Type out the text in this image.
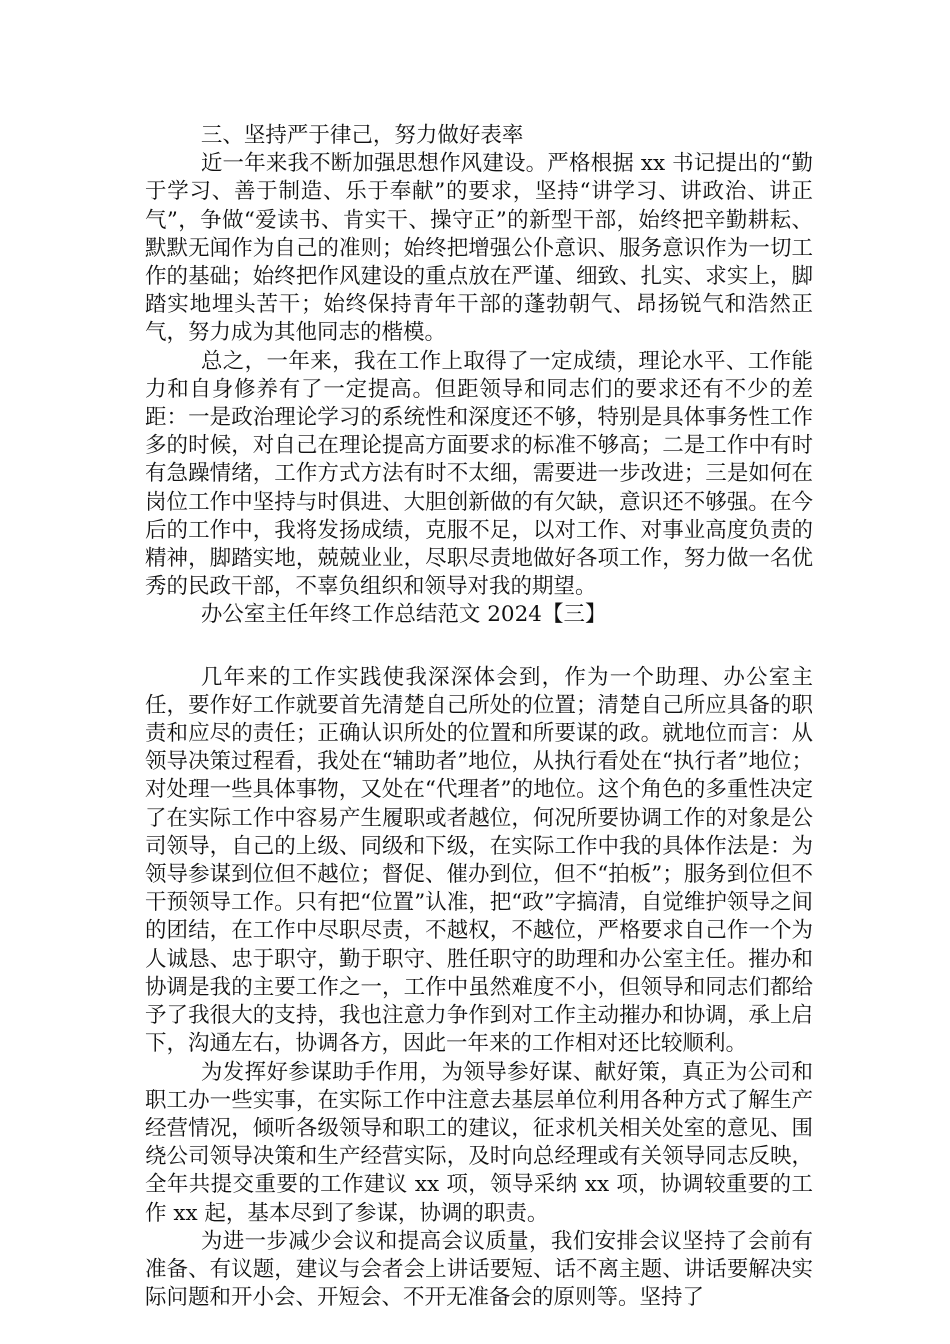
三、坚持严于律己，努力做好表率

近一年来我不断加强思想作风建设。严格根据 xx 书记提出的“勤于学习、善于制造、乐于奉献”的要求，坚持“讲学习、讲政治、讲正气”，争做“爱读书、肯实干、操守正”的新型干部，始终把辛勤耕耘、默默无闻作为自己的准则；始终把增强公仆意识、服务意识作为一切工作的基础；始终把作风建设的重点放在严谨、细致、扎实、求实上，脚踏实地埋头苦干；始终保持青年干部的蓬勃朝气、昂扬锐气和浩然正气，努力成为其他同志的楷模。

总之，一年来，我在工作上取得了一定成绩，理论水平、工作能力和自身修养有了一定提高。但距领导和同志们的要求还有不少的差距：一是政治理论学习的系统性和深度还不够，特别是具体事务性工作多的时候，对自己在理论提高方面要求的标准不够高；二是工作中有时有急躁情绪，工作方式方法有时不太细，需要进一步改进；三是如何在岗位工作中坚持与时俱进、大胆创新做的有欠缺，意识还不够强。在今后的工作中，我将发扬成绩，克服不足，以对工作、对事业高度负责的精神，脚踏实地，兢兢业业，尽职尽责地做好各项工作，努力做一名优秀的民政干部，不辜负组织和领导对我的期望。

办公室主任年终工作总结范文 2024【三】

几年来的工作实践使我深深体会到，作为一个助理、办公室主任，要作好工作就要首先清楚自己所处的位置；清楚自己所应具备的职责和应尽的责任；正确认识所处的位置和所要谋的政。就地位而言：从领导决策过程看，我处在“辅助者”地位，从执行看处在“执行者”地位；对处理一些具体事物，又处在“代理者”的地位。这个角色的多重性决定了在实际工作中容易产生履职或者越位，何况所要协调工作的对象是公司领导，自己的上级、同级和下级，在实际工作中我的具体作法是：为领导参谋到位但不越位；督促、催办到位，但不“拍板”；服务到位但不干预领导工作。只有把“位置”认准，把“政”字搞清，自觉维护领导之间的团结，在工作中尽职尽责，不越权，不越位，严格要求自己作一个为人诚恳、忠于职守，勤于职守、胜任职守的助理和办公室主任。摧办和协调是我的主要工作之一，工作中虽然难度不小，但领导和同志们都给予了我很大的支持，我也注意力争作到对工作主动摧办和协调，承上启下，沟通左右，协调各方，因此一年来的工作相对还比较顺利。

为发挥好参谋助手作用，为领导参好谋、献好策，真正为公司和职工办一些实事，在实际工作中注意去基层单位利用各种方式了解生产经营情况，倾听各级领导和职工的建议，征求机关相关处室的意见、围绕公司领导决策和生产经营实际，及时向总经理或有关领导同志反映，全年共提交重要的工作建议 xx 项，领导采纳 xx 项，协调较重要的工作 xx 起，基本尽到了参谋，协调的职责。

为进一步减少会议和提高会议质量，我们安排会议坚持了会前有准备、有议题，建议与会者会上讲话要短、话不离主题、讲话要解决实际问题和开小会、开短会、不开无准备会的原则等。坚持了
